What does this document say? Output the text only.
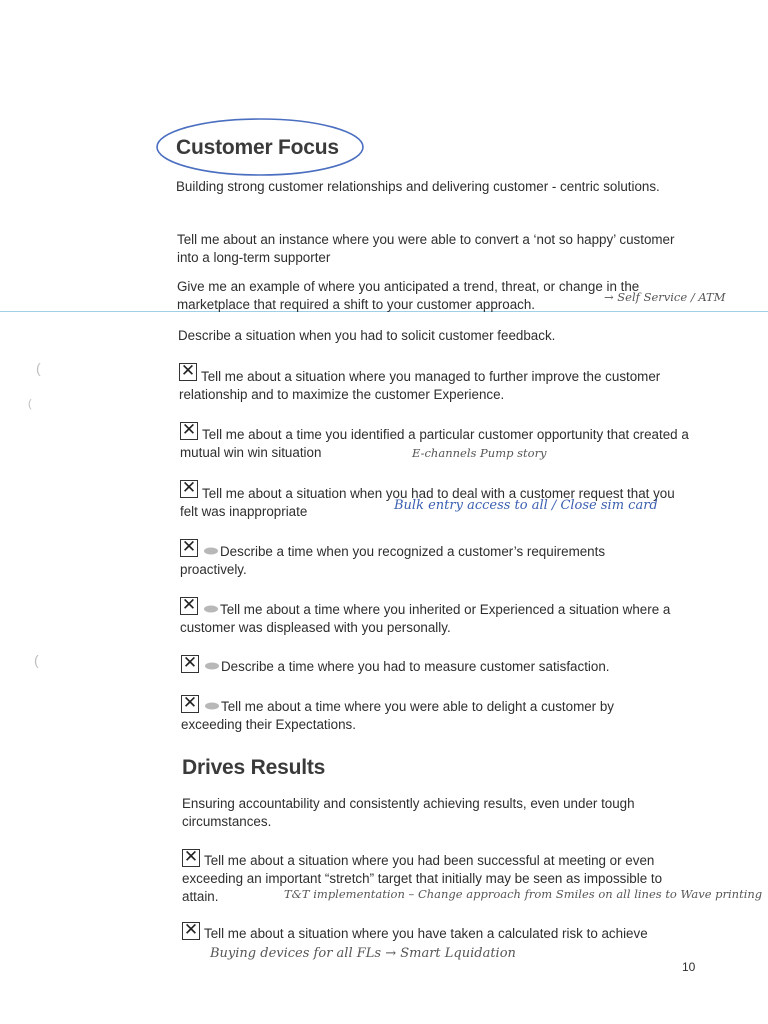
(
(
(
Customer Focus
Building strong customer relationships and delivering customer - centric solutions.
Tell me about an instance where you were able to convert a ‘not so happy’ customer into a long-term supporter
Give me an example of where you anticipated a trend, threat, or change in the marketplace that required a shift to your customer approach.	→ Self Service / ATM
Describe a situation when you had to solicit customer feedback.
✕ Tell me about a situation where you managed to further improve the customer relationship and to maximize the customer Experience.
✕ Tell me about a time you identified a particular customer opportunity that created a mutual win win situation	E-channels Pump story
✕ Tell me about a situation when you had to deal with a customer request that you felt was inappropriate	Bulk entry access to all / Close sim card
✕	Describe a time when you recognized a customer’s requirements proactively.
✕	Tell me about a time where you inherited or Experienced a situation where a customer was displeased with you personally.
✕	Describe a time where you had to measure customer satisfaction.
✕	Tell me about a time where you were able to delight a customer by exceeding their Expectations.
Drives Results
Ensuring accountability and consistently achieving results, even under tough circumstances.
✕ Tell me about a situation where you had been successful at meeting or even exceeding an important “stretch” target that initially may be seen as impossible to attain.	T&T implementation – Change approach from Smiles on all lines to Wave printing
✕ Tell me about a situation where you have taken a calculated risk to achieve
Buying devices for all FLs → Smart Lquidation
10
